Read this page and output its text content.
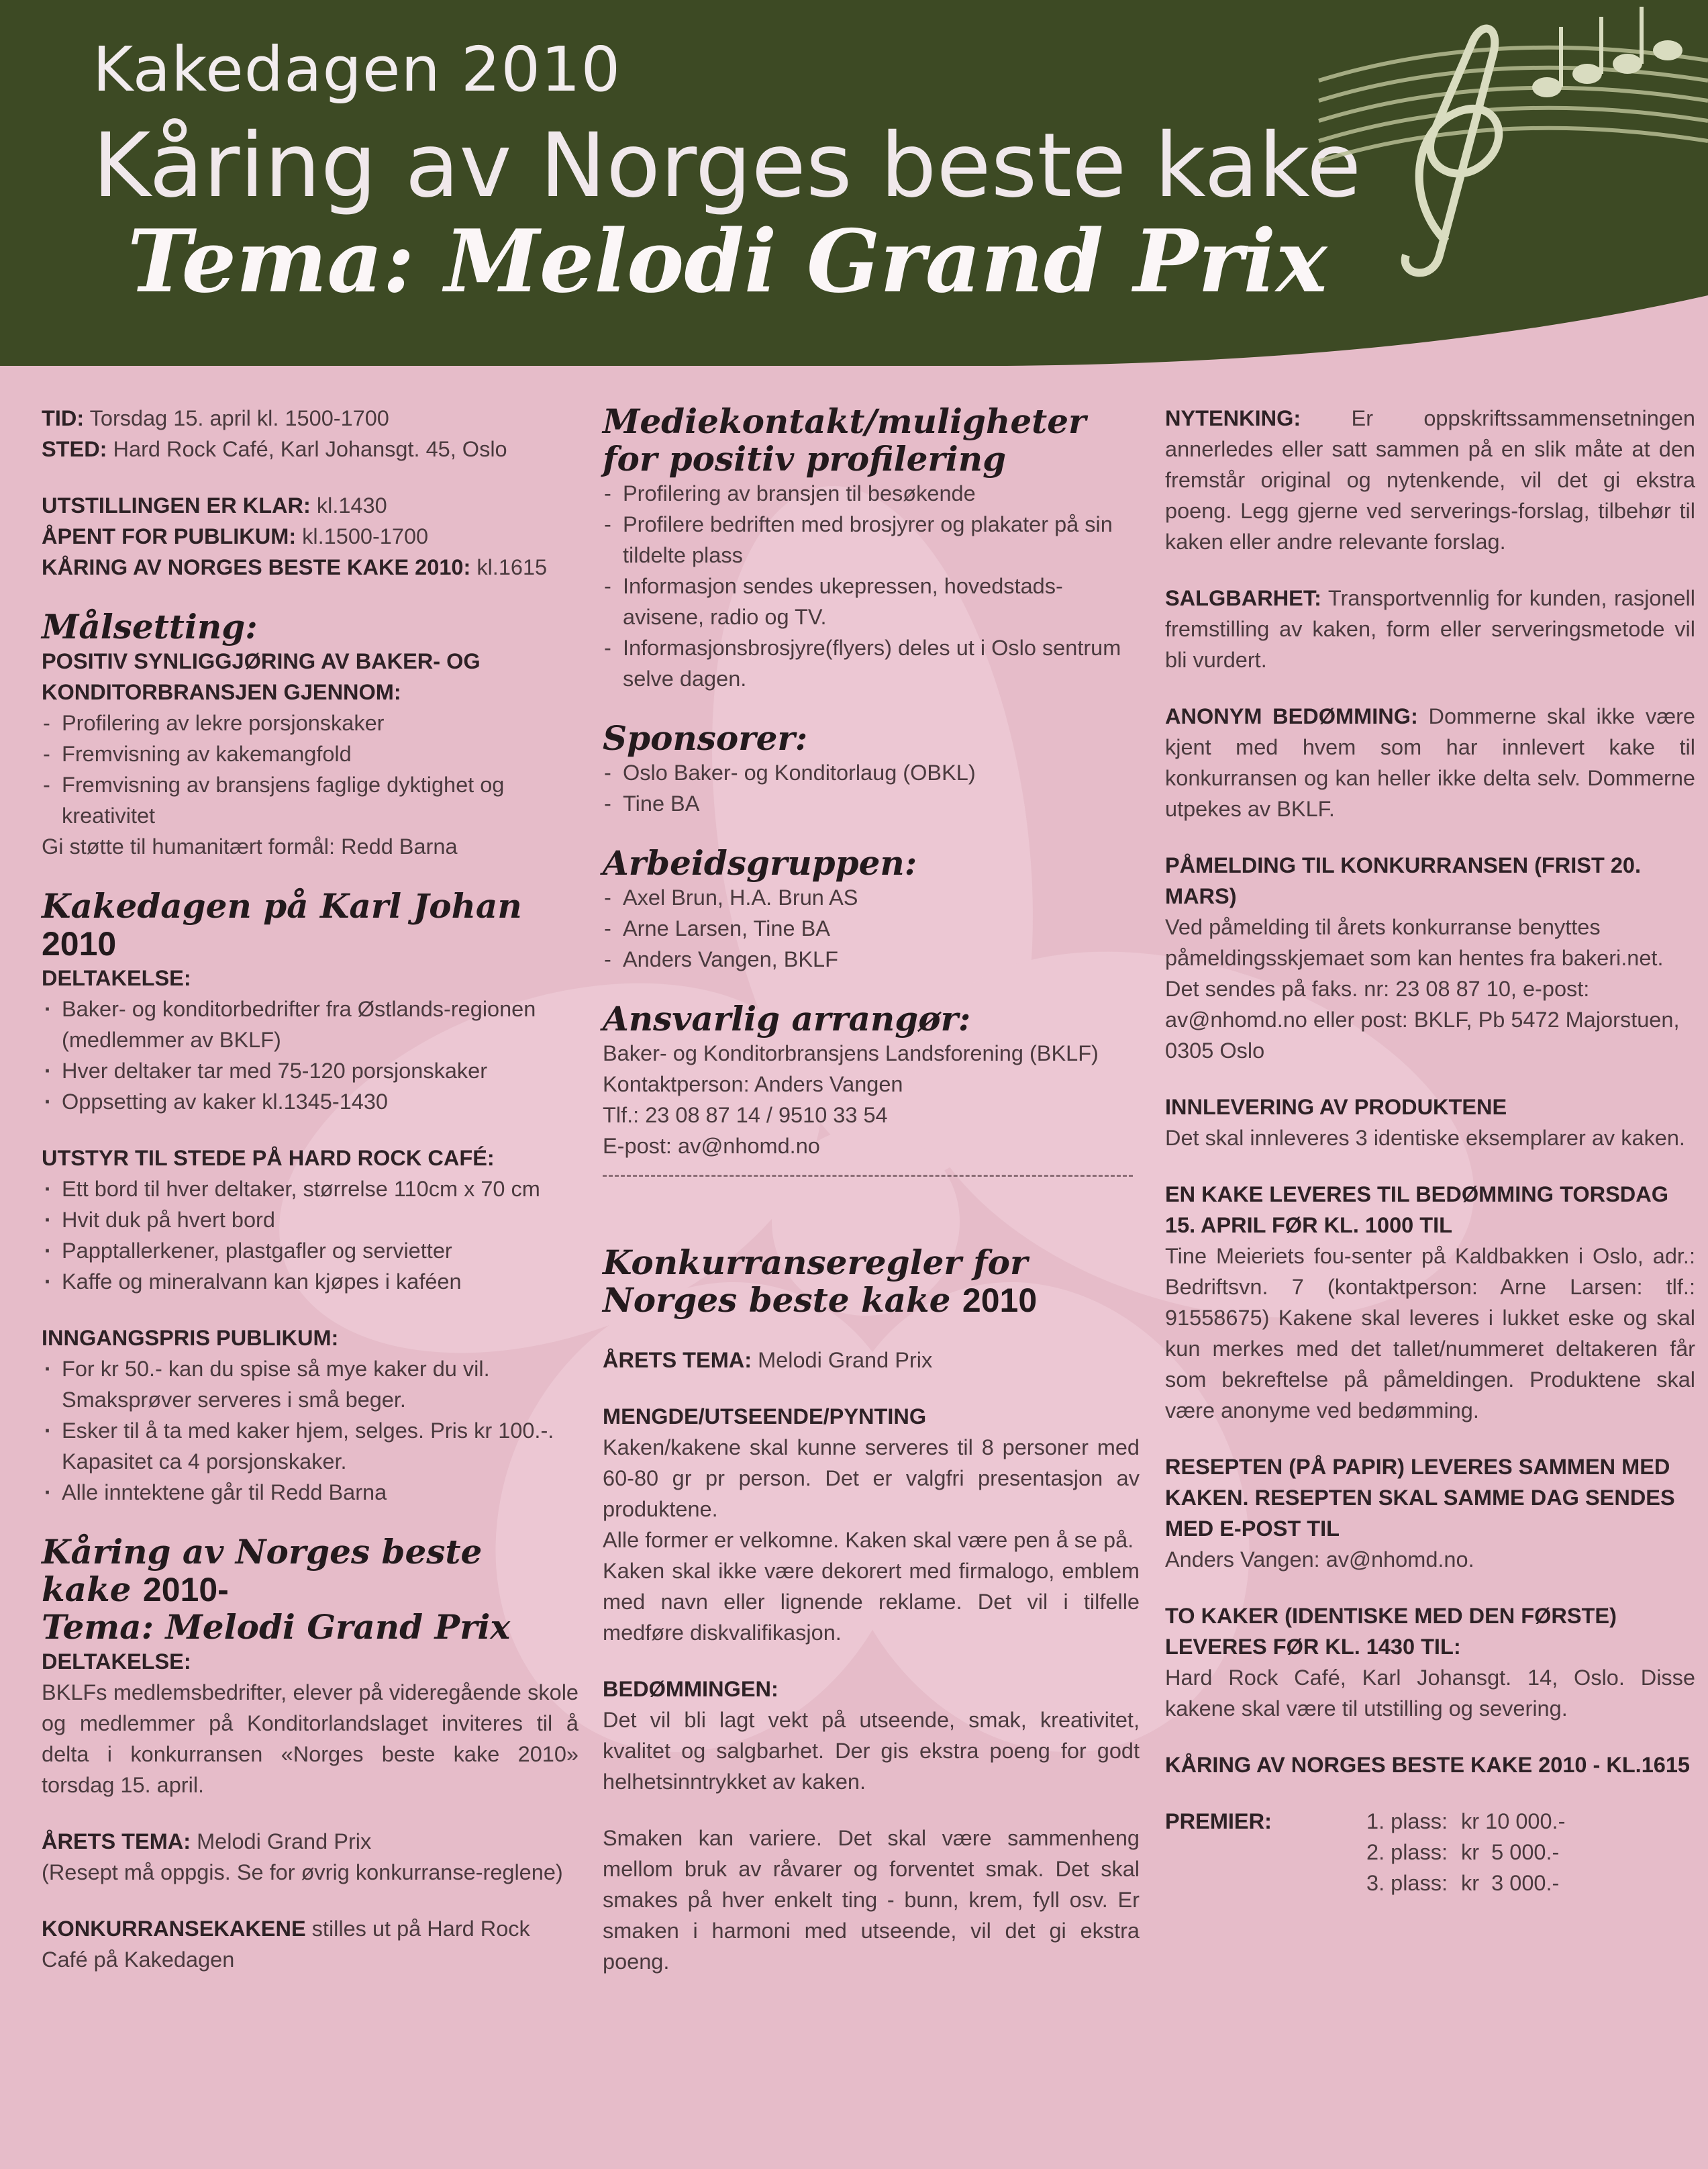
Kakedagen 2010
Kåring av Norges beste kake
Tema: Melodi Grand Prix

TID: Torsdag 15. april kl. 1500-1700

STED: Hard Rock Café, Karl Johansgt. 45, Oslo

UTSTILLINGEN ER KLAR: kl.1430

ÅPENT FOR PUBLIKUM: kl.1500-1700

KÅRING AV NORGES BESTE KAKE 2010: kl.1615

Målsetting:

POSITIV SYNLIGGJØRING AV BAKER- OG KONDITORBRANSJEN GJENNOM:

- Profilering av lekre porsjonskaker
- Fremvisning av kakemangfold
- Fremvisning av bransjens faglige dyktighet og kreativitet

Gi støtte til humanitært formål: Redd Barna

Kakedagen på Karl Johan 2010

DELTAKELSE:

· Baker- og konditorbedrifter fra Østlands-regionen (medlemmer av BKLF)
· Hver deltaker tar med 75-120 porsjonskaker
· Oppsetting av kaker kl.1345-1430

UTSTYR TIL STEDE PÅ HARD ROCK CAFÉ:

· Ett bord til hver deltaker, størrelse 110cm x 70 cm
· Hvit duk på hvert bord
· Papptallerkener, plastgafler og servietter
· Kaffe og mineralvann kan kjøpes i kaféen

INNGANGSPRIS PUBLIKUM:

· For kr 50.- kan du spise så mye kaker du vil. Smaksprøver serveres i små beger.
· Esker til å ta med kaker hjem, selges. Pris kr 100.-. Kapasitet ca 4 porsjonskaker.
· Alle inntektene går til Redd Barna

Kåring av Norges beste kake 2010-

Tema: Melodi Grand Prix

DELTAKELSE:

BKLFs medlemsbedrifter, elever på videregående skole og medlemmer på Konditorlandslaget inviteres til å delta i konkurransen «Norges beste kake 2010» torsdag 15. april.

ÅRETS TEMA: Melodi Grand Prix

(Resept må oppgis. Se for øvrig konkurranse-reglene)

KONKURRANSEKAKENE stilles ut på Hard Rock Café på Kakedagen

Mediekontakt/muligheter for positiv profilering

- Profilering av bransjen til besøkende
- Profilere bedriften med brosjyrer og plakater på sin tildelte plass
- Informasjon sendes ukepressen, hovedstads-avisene, radio og TV.
- Informasjonsbrosjyre(flyers) deles ut i Oslo sentrum selve dagen.

Sponsorer:

- Oslo Baker- og Konditorlaug (OBKL)
- Tine BA

Arbeidsgruppen:

- Axel Brun, H.A. Brun AS
- Arne Larsen, Tine BA
- Anders Vangen, BKLF

Ansvarlig arrangør:

Baker- og Konditorbransjens Landsforening (BKLF)

Kontaktperson: Anders Vangen

Tlf.: 23 08 87 14 / 9510 33 54

E-post: av@nhomd.no

Konkurranseregler for

Norges beste kake 2010

ÅRETS TEMA: Melodi Grand Prix

MENGDE/UTSEENDE/PYNTING

Kaken/kakene skal kunne serveres til 8 personer med 60-80 gr pr person. Det er valgfri presentasjon av produktene.

Alle former er velkomne. Kaken skal være pen å se på.

Kaken skal ikke være dekorert med firmalogo, emblem med navn eller lignende reklame. Det vil i tilfelle medføre diskvalifikasjon.

BEDØMMINGEN:

Det vil bli lagt vekt på utseende, smak, kreativitet, kvalitet og salgbarhet. Der gis ekstra poeng for godt helhetsinntrykket av kaken.

Smaken kan variere. Det skal være sammenheng mellom bruk av råvarer og forventet smak. Det skal smakes på hver enkelt ting - bunn, krem, fyll osv. Er smaken i harmoni med utseende, vil det gi ekstra poeng.

NYTENKING: Er oppskriftssammensetningen annerledes eller satt sammen på en slik måte at den fremstår original og nytenkende, vil det gi ekstra poeng. Legg gjerne ved serverings-forslag, tilbehør til kaken eller andre relevante forslag.

SALGBARHET: Transportvennlig for kunden, rasjonell fremstilling av kaken, form eller serveringsmetode vil bli vurdert.

ANONYM BEDØMMING: Dommerne skal ikke være kjent med hvem som har innlevert kake til konkurransen og kan heller ikke delta selv. Dommerne utpekes av BKLF.

PÅMELDING TIL KONKURRANSEN (FRIST 20. MARS)

Ved påmelding til årets konkurranse benyttes påmeldingsskjemaet som kan hentes fra bakeri.net. Det sendes på faks. nr: 23 08 87 10, e-post: av@nhomd.no eller post: BKLF, Pb 5472 Majorstuen, 0305 Oslo

INNLEVERING AV PRODUKTENE

Det skal innleveres 3 identiske eksemplarer av kaken.

EN KAKE LEVERES TIL BEDØMMING TORSDAG 15. APRIL FØR KL. 1000 TIL

Tine Meieriets fou-senter på Kaldbakken i Oslo, adr.: Bedriftsvn. 7 (kontaktperson: Arne Larsen: tlf.: 91558675) Kakene skal leveres i lukket eske og skal kun merkes med det tallet/nummeret deltakeren får som bekreftelse på påmeldingen. Produktene skal være anonyme ved bedømming.

RESEPTEN (PÅ PAPIR) LEVERES SAMMEN MED KAKEN. RESEPTEN SKAL SAMME DAG SENDES MED E-POST TIL

Anders Vangen: av@nhomd.no.

TO KAKER (IDENTISKE MED DEN FØRSTE) LEVERES FØR KL. 1430 TIL:

Hard Rock Café, Karl Johansgt. 14, Oslo. Disse kakene skal være til utstilling og severing.

KÅRING AV NORGES BESTE KAKE 2010 - KL.1615

PREMIER:	1. plass:	kr 10 000.-
	2. plass:	kr  5 000.-
	3. plass:	kr  3 000.-
